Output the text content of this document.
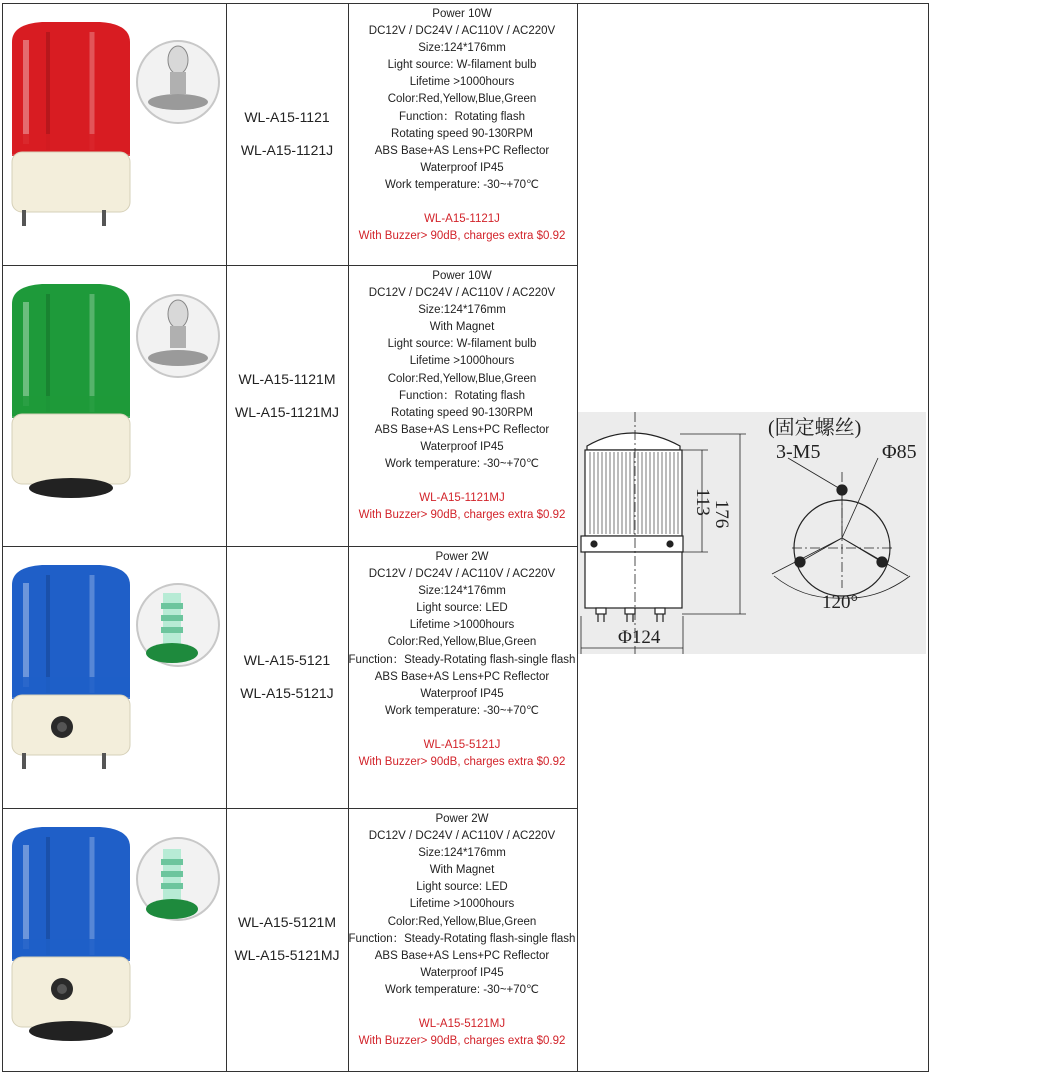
WL-A15-1121
WL-A15-1121J
Power 10W
DC12V / DC24V / AC110V / AC220V
Size:124*176mm
Light source: W-filament bulb
Lifetime >1000hours
Color:Red,Yellow,Blue,Green
Function：Rotating flash
Rotating speed 90-130RPM
ABS Base+AS Lens+PC Reflector
Waterproof IP45
Work temperature: -30~+70℃
WL-A15-1121J
With Buzzer> 90dB, charges extra $0.92
WL-A15-1121M
WL-A15-1121MJ
Power 10W
DC12V / DC24V / AC110V / AC220V
Size:124*176mm
With Magnet
Light source: W-filament bulb
Lifetime >1000hours
Color:Red,Yellow,Blue,Green
Function：Rotating flash
Rotating speed 90-130RPM
ABS Base+AS Lens+PC Reflector
Waterproof IP45
Work temperature: -30~+70℃
WL-A15-1121MJ
With Buzzer> 90dB, charges extra $0.92
WL-A15-5121
WL-A15-5121J
Power 2W
DC12V / DC24V / AC110V / AC220V
Size:124*176mm
Light source: LED
Lifetime >1000hours
Color:Red,Yellow,Blue,Green
Function：Steady-Rotating flash-single flash
ABS Base+AS Lens+PC Reflector
Waterproof IP45
Work temperature: -30~+70℃
WL-A15-5121J
With Buzzer> 90dB, charges extra $0.92
WL-A15-5121M
WL-A15-5121MJ
Power 2W
DC12V / DC24V / AC110V / AC220V
Size:124*176mm
With Magnet
Light source: LED
Lifetime >1000hours
Color:Red,Yellow,Blue,Green
Function：Steady-Rotating flash-single flash
ABS Base+AS Lens+PC Reflector
Waterproof IP45
Work temperature: -30~+70℃
WL-A15-5121MJ
With Buzzer> 90dB, charges extra $0.92
113
176
Φ124
(固定螺丝)
3-M5	Φ85
120°
